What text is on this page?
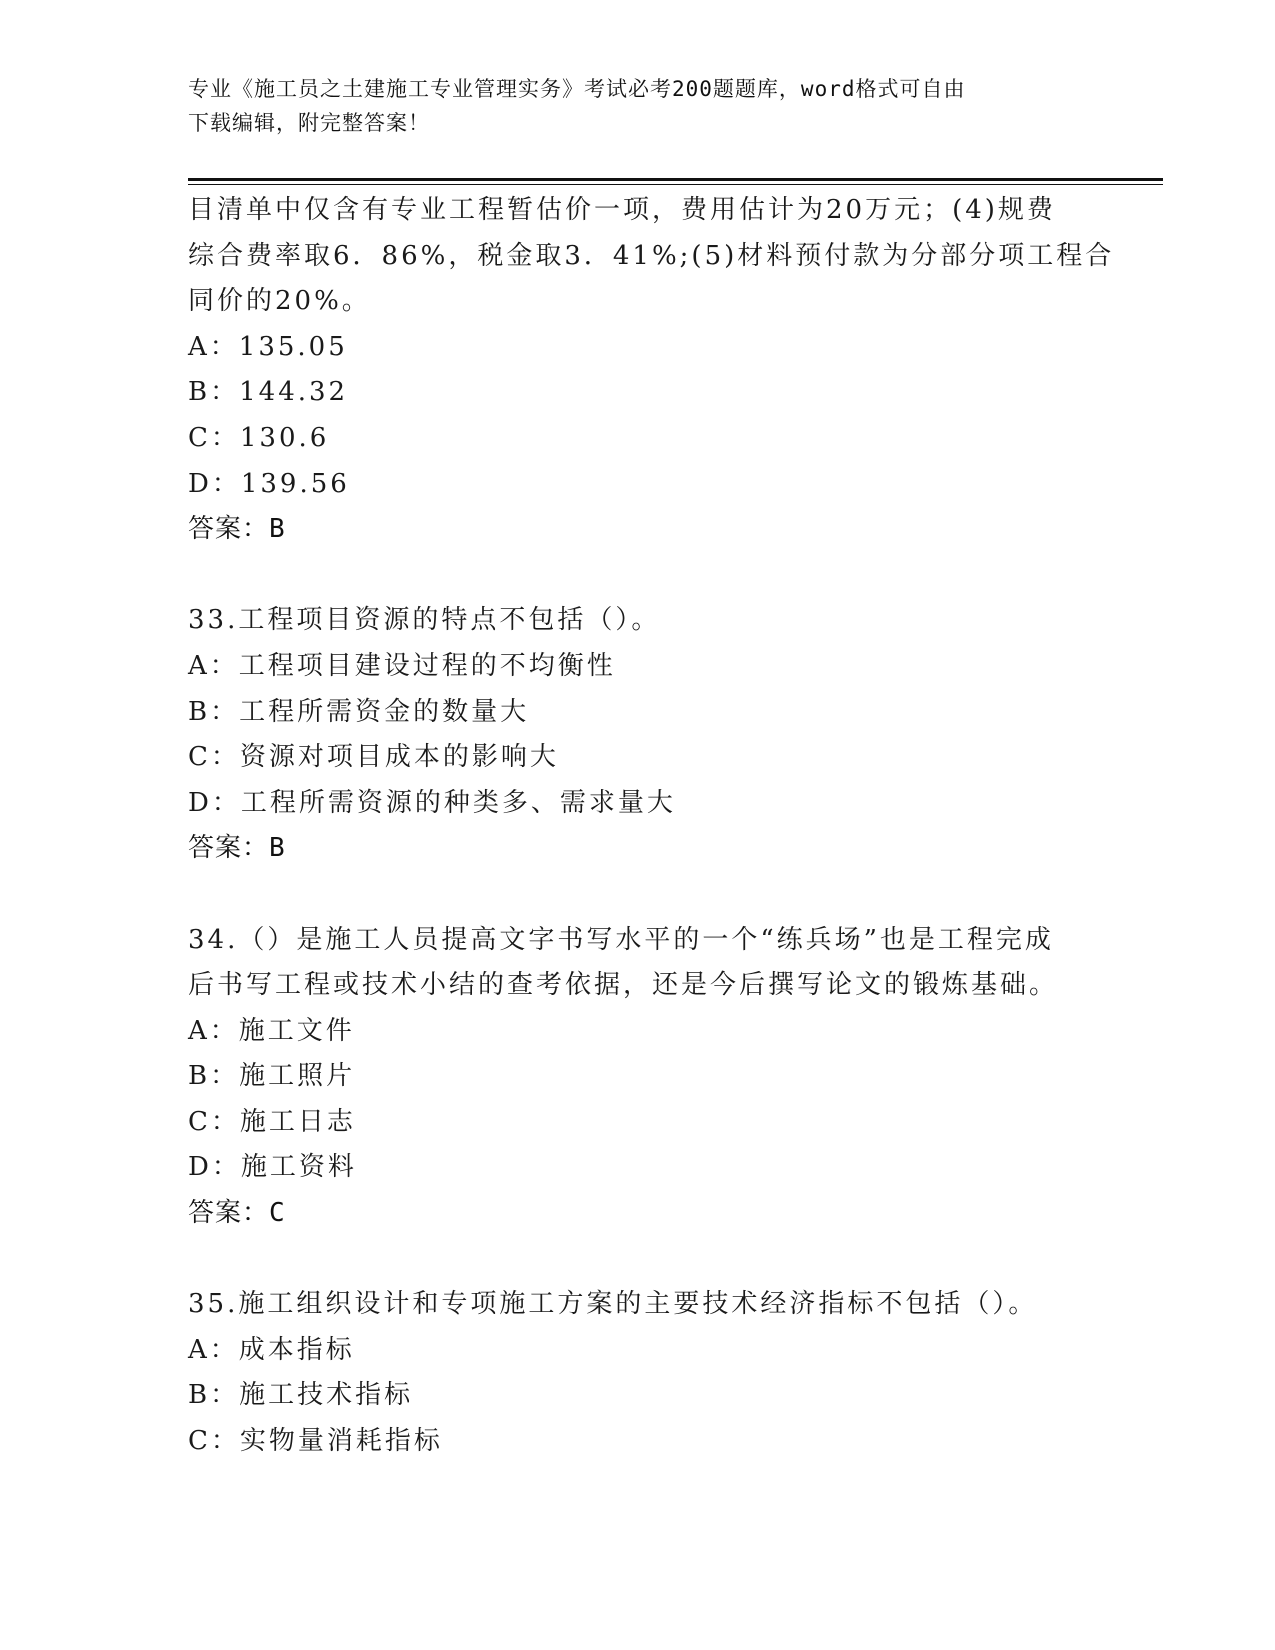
专业《施工员之土建施工专业管理实务》考试必考200题题库，word格式可自由
下载编辑，附完整答案！
目清单中仅含有专业工程暂估价一项，费用估计为20万元；(4)规费
综合费率取6．86%，税金取3．41%;(5)材料预付款为分部分项工程合
同价的20%。
A：135.05
B：144.32
C：130.6
D：139.56
答案：B
33.工程项目资源的特点不包括（）。
A：工程项目建设过程的不均衡性
B：工程所需资金的数量大
C：资源对项目成本的影响大
D：工程所需资源的种类多、需求量大
答案：B
34.（）是施工人员提高文字书写水平的一个“练兵场”也是工程完成
后书写工程或技术小结的查考依据，还是今后撰写论文的锻炼基础。
A：施工文件
B：施工照片
C：施工日志
D：施工资料
答案：C
35.施工组织设计和专项施工方案的主要技术经济指标不包括（）。
A：成本指标
B：施工技术指标
C：实物量消耗指标
